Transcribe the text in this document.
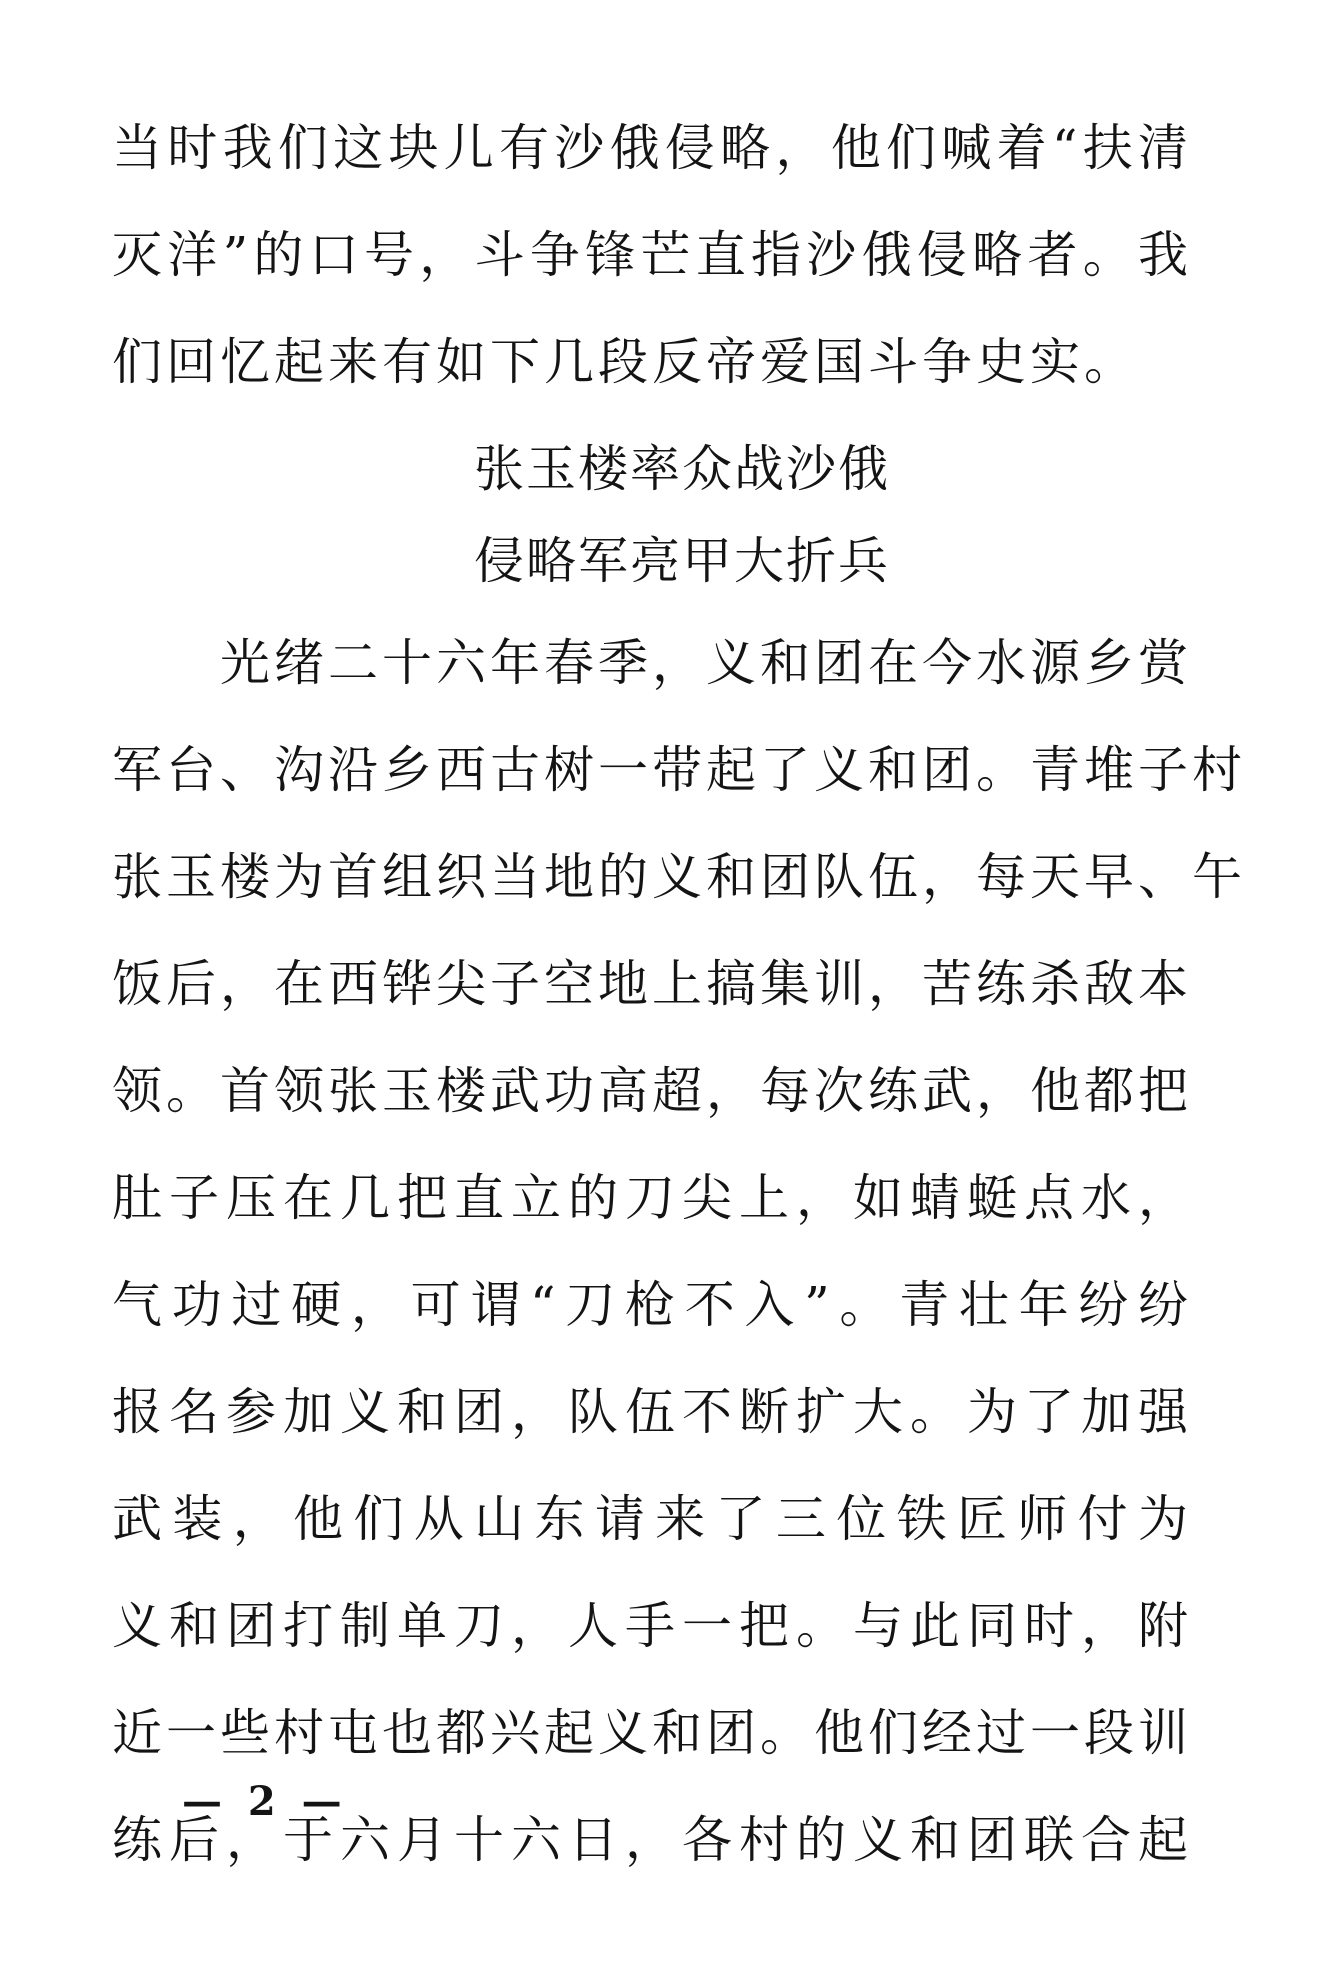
当时我们这块儿有沙俄侵略，他们喊着“扶清
灭洋”的口号，斗争锋芒直指沙俄侵略者。我
们回忆起来有如下几段反帝爱国斗争史实。
张玉楼率众战沙俄
侵略军亮甲大折兵
　　光绪二十六年春季，义和团在今水源乡赏
军台、沟沿乡西古树一带起了义和团。青堆子村
张玉楼为首组织当地的义和团队伍，每天早、午
饭后，在西铧尖子空地上搞集训，苦练杀敌本
领。首领张玉楼武功高超，每次练武，他都把
肚子压在几把直立的刀尖上，如蜻蜓点水，
气功过硬，可谓“刀枪不入”。青壮年纷纷
报名参加义和团，队伍不断扩大。为了加强
武装，他们从山东请来了三位铁匠师付为
义和团打制单刀，人手一把。与此同时，附
近一些村屯也都兴起义和团。他们经过一段训
练后，于六月十六日，各村的义和团联合起
— 2 —
